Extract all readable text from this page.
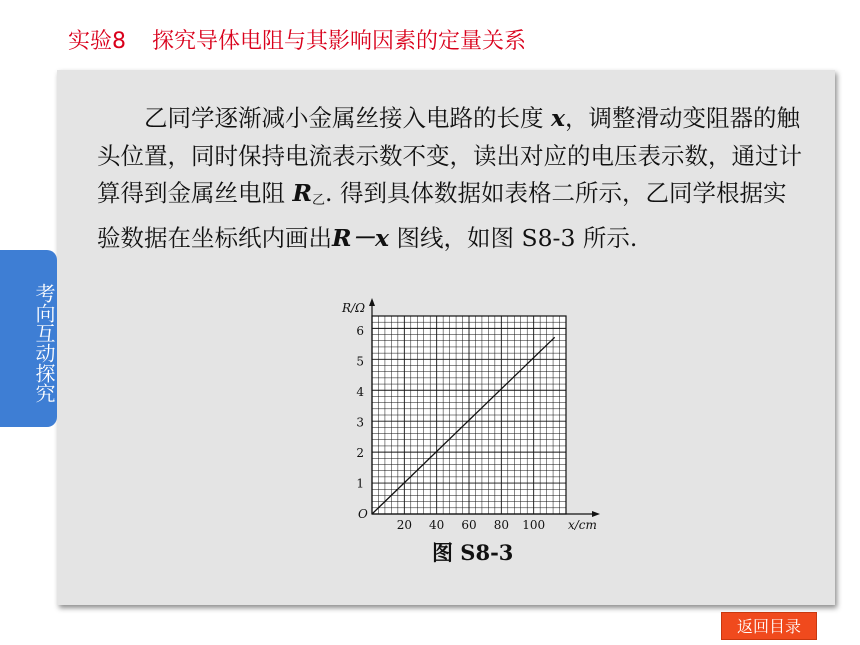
实验8 探究导体电阻与其影响因素的定量关系
考向互动探究

乙同学逐渐减小金属丝接入电路的长度 x，调整滑动变阻器的触头位置，同时保持电流表示数不变，读出对应的电压表示数，通过计算得到金属丝电阻 $R_乙$. 得到具体数据如表格二所示，乙同学根据实验数据在坐标纸内画出R－x 图线，如图 S8-3 所示.

20 40 60 80 100
1
2
3
4
5
6
O
R/Ω
x/cm
图 S8-3
返回目录
